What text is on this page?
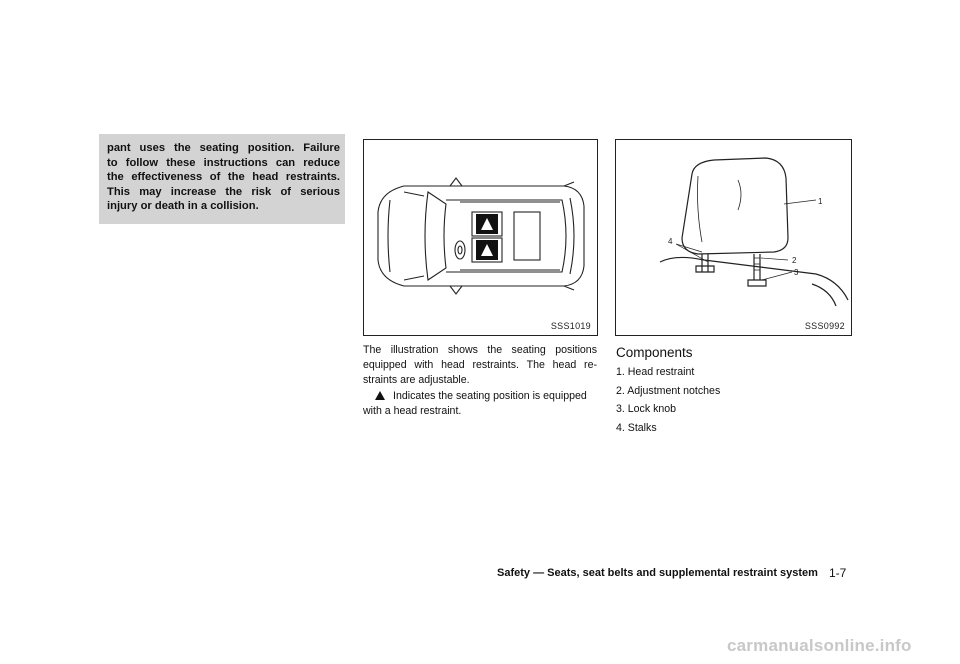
pant uses the seating position. Failure
to follow these instructions can reduce
the effectiveness of the head restraints.
This may increase the risk of serious
injury or death in a collision.
SSS1019
1
2
3
4
SSS0992
The illustration shows the seating positions
equipped with head restraints. The head re-
straints are adjustable.
Indicates the seating position is equipped
with a head restraint.
Components
1. Head restraint
2. Adjustment notches
3. Lock knob
4. Stalks
Safety — Seats, seat belts and supplemental restraint system 1-7
carmanualsonline.info
